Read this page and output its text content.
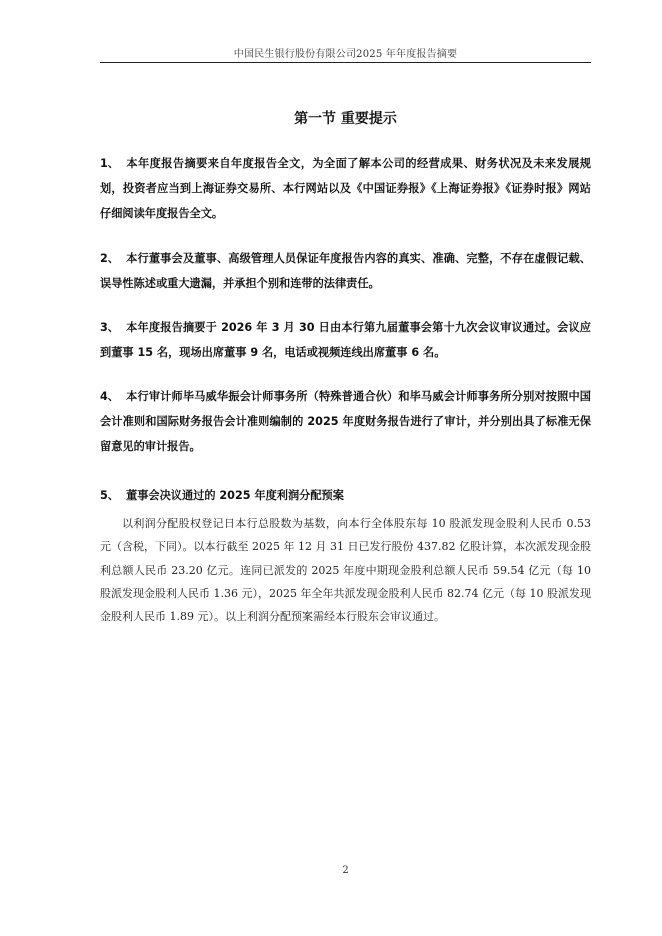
中国民生银行股份有限公司2025 年年度报告摘要
第一节 重要提示
1、 本年度报告摘要来自年度报告全文，为全面了解本公司的经营成果、财务状况及未来发展规划，投资者应当到上海证券交易所、本行网站以及《中国证券报》《上海证券报》《证券时报》网站仔细阅读年度报告全文。
2、 本行董事会及董事、高级管理人员保证年度报告内容的真实、准确、完整，不存在虚假记载、误导性陈述或重大遗漏，并承担个别和连带的法律责任。
3、 本年度报告摘要于 2026 年 3 月 30 日由本行第九届董事会第十九次会议审议通过。会议应到董事 15 名，现场出席董事 9 名，电话或视频连线出席董事 6 名。
4、 本行审计师毕马威华振会计师事务所（特殊普通合伙）和毕马威会计师事务所分别对按照中国会计准则和国际财务报告会计准则编制的 2025 年度财务报告进行了审计，并分别出具了标准无保留意见的审计报告。
5、 董事会决议通过的 2025 年度利润分配预案
以利润分配股权登记日本行总股数为基数，向本行全体股东每 10 股派发现金股利人民币 0.53 元（含税，下同）。以本行截至 2025 年 12 月 31 日已发行股份 437.82 亿股计算，本次派发现金股利总额人民币 23.20 亿元。连同已派发的 2025 年度中期现金股利总额人民币 59.54 亿元（每 10 股派发现金股利人民币 1.36 元），2025 年全年共派发现金股利人民币 82.74 亿元（每 10 股派发现金股利人民币 1.89 元）。以上利润分配预案需经本行股东会审议通过。
2
